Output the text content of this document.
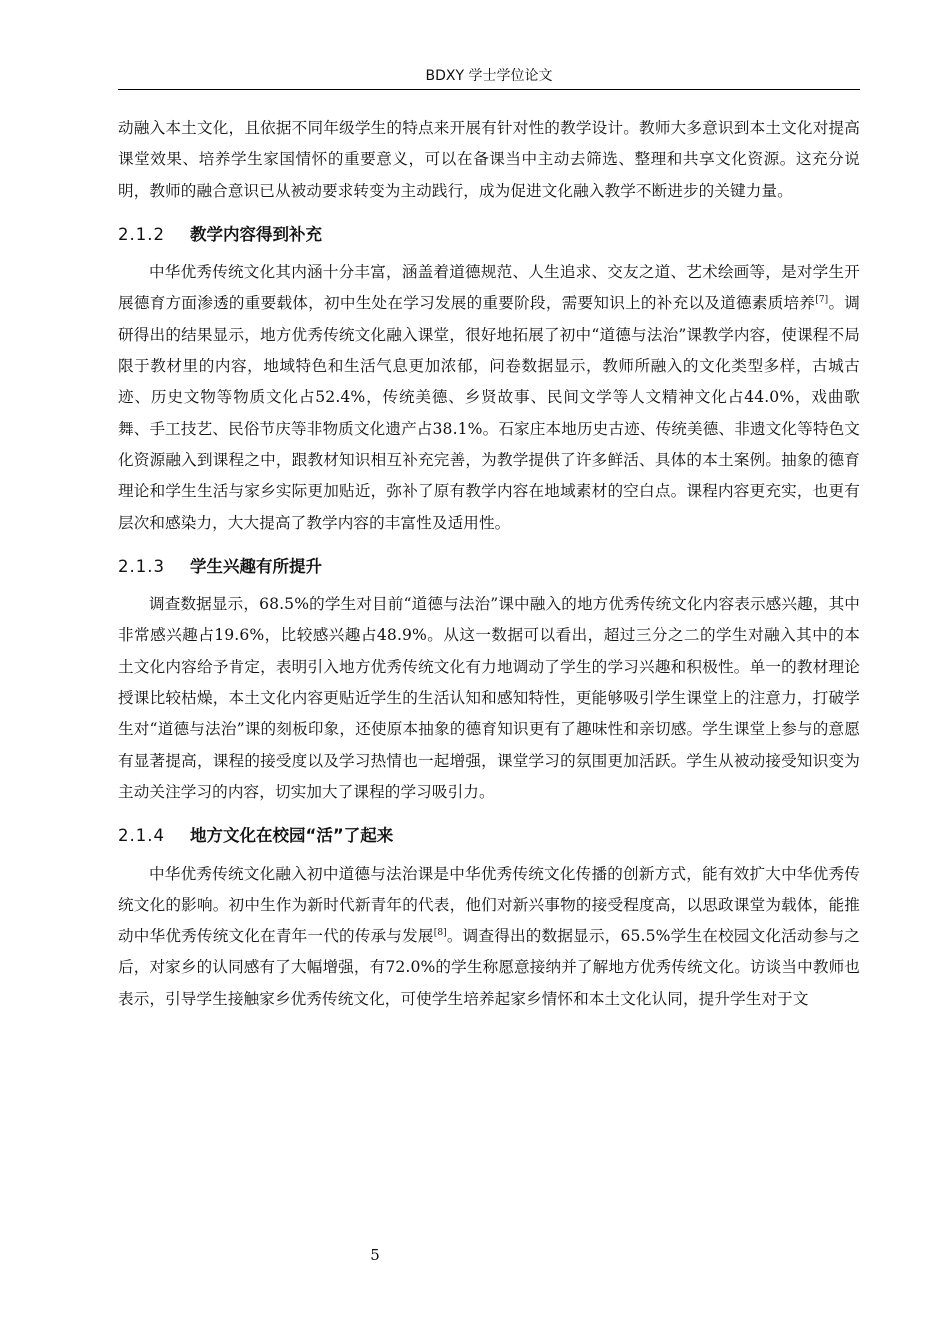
BDXY 学士学位论文

动融入本土文化，且依据不同年级学生的特点来开展有针对性的教学设计。教师大多意识到本土文化对提高课堂效果、培养学生家国情怀的重要意义，可以在备课当中主动去筛选、整理和共享文化资源。这充分说明，教师的融合意识已从被动要求转变为主动践行，成为促进文化融入教学不断进步的关键力量。

2.1.2 教学内容得到补充

中华优秀传统文化其内涵十分丰富，涵盖着道德规范、人生追求、交友之道、艺术绘画等，是对学生开展德育方面渗透的重要载体，初中生处在学习发展的重要阶段，需要知识上的补充以及道德素质培养[7]。调研得出的结果显示，地方优秀传统文化融入课堂，很好地拓展了初中“道德与法治”课教学内容，使课程不局限于教材里的内容，地域特色和生活气息更加浓郁，问卷数据显示，教师所融入的文化类型多样，古城古迹、历史文物等物质文化占52.4%，传统美德、乡贤故事、民间文学等人文精神文化占44.0%，戏曲歌舞、手工技艺、民俗节庆等非物质文化遗产占38.1%。石家庄本地历史古迹、传统美德、非遗文化等特色文化资源融入到课程之中，跟教材知识相互补充完善，为教学提供了许多鲜活、具体的本土案例。抽象的德育理论和学生生活与家乡实际更加贴近，弥补了原有教学内容在地域素材的空白点。课程内容更充实，也更有层次和感染力，大大提高了教学内容的丰富性及适用性。

2.1.3 学生兴趣有所提升

调查数据显示，68.5%的学生对目前“道德与法治”课中融入的地方优秀传统文化内容表示感兴趣，其中非常感兴趣占19.6%，比较感兴趣占48.9%。从这一数据可以看出，超过三分之二的学生对融入其中的本土文化内容给予肯定，表明引入地方优秀传统文化有力地调动了学生的学习兴趣和积极性。单一的教材理论授课比较枯燥，本土文化内容更贴近学生的生活认知和感知特性，更能够吸引学生课堂上的注意力，打破学生对“道德与法治”课的刻板印象，还使原本抽象的德育知识更有了趣味性和亲切感。学生课堂上参与的意愿有显著提高，课程的接受度以及学习热情也一起增强，课堂学习的氛围更加活跃。学生从被动接受知识变为主动关注学习的内容，切实加大了课程的学习吸引力。

2.1.4 地方文化在校园“活”了起来

中华优秀传统文化融入初中道德与法治课是中华优秀传统文化传播的创新方式，能有效扩大中华优秀传统文化的影响。初中生作为新时代新青年的代表，他们对新兴事物的接受程度高，以思政课堂为载体，能推动中华优秀传统文化在青年一代的传承与发展[8]。调查得出的数据显示，65.5%学生在校园文化活动参与之后，对家乡的认同感有了大幅增强，有72.0%的学生称愿意接纳并了解地方优秀传统文化。访谈当中教师也表示，引导学生接触家乡优秀传统文化，可使学生培养起家乡情怀和本土文化认同，提升学生对于文

5
